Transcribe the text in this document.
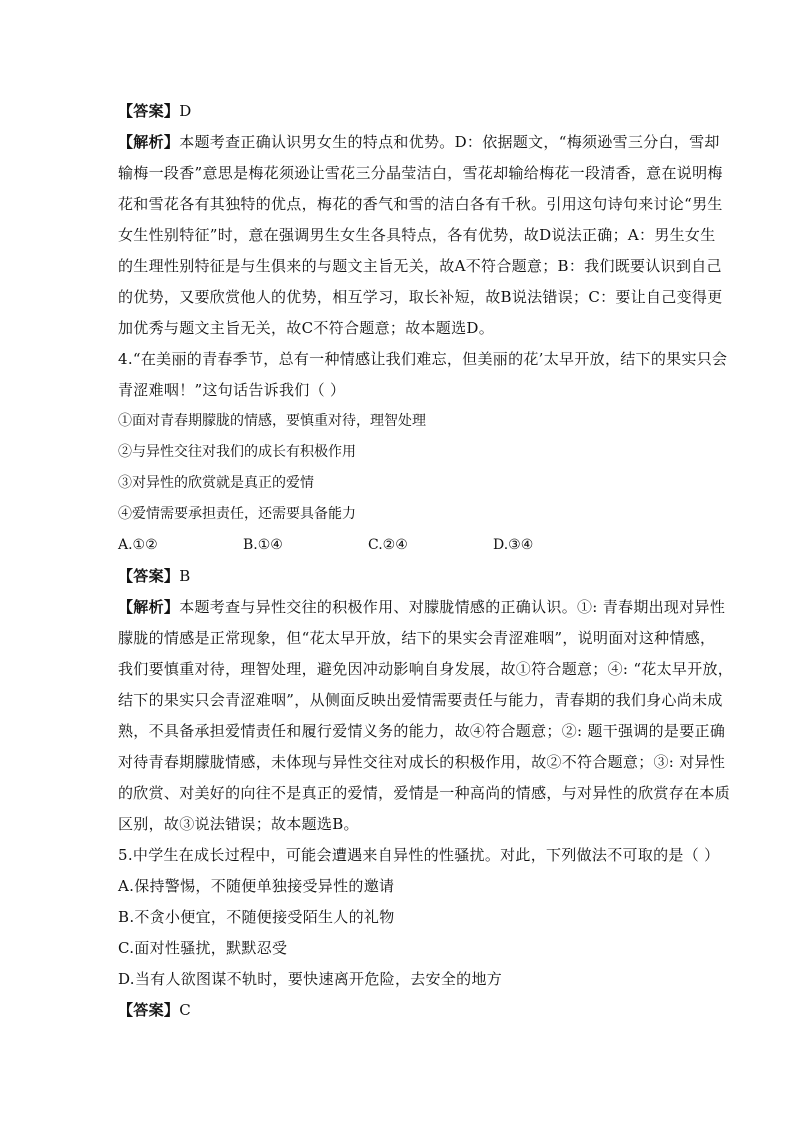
【答案】D
【解析】本题考查正确认识男女生的特点和优势。D：依据题文，“梅须逊雪三分白，雪却
输梅一段香”意思是梅花须逊让雪花三分晶莹洁白，雪花却输给梅花一段清香，意在说明梅
花和雪花各有其独特的优点，梅花的香气和雪的洁白各有千秋。引用这句诗句来讨论“男生
女生性别特征”时，意在强调男生女生各具特点，各有优势，故D说法正确；A：男生女生
的生理性别特征是与生俱来的与题文主旨无关，故A不符合题意；B：我们既要认识到自己
的优势，又要欣赏他人的优势，相互学习，取长补短，故B说法错误；C：要让自己变得更
加优秀与题文主旨无关，故C不符合题意；故本题选D。
4.“在美丽的青春季节，总有一种情感让我们难忘，但美丽的花’太早开放，结下的果实只会
青涩难咽！”这句话告诉我们（ ）
①面对青春期朦胧的情感，要慎重对待，理智处理
②与异性交往对我们的成长有积极作用
③对异性的欣赏就是真正的爱情
④爱情需要承担责任，还需要具备能力
A.①②	B.①④	C.②④	D.③④
【答案】B
【解析】本题考查与异性交往的积极作用、对朦胧情感的正确认识。①: 青春期出现对异性
朦胧的情感是正常现象，但“花太早开放，结下的果实会青涩难咽”，说明面对这种情感，
我们要慎重对待，理智处理，避免因冲动影响自身发展，故①符合题意；④: “花太早开放，
结下的果实只会青涩难咽”，从侧面反映出爱情需要责任与能力，青春期的我们身心尚未成
熟，不具备承担爱情责任和履行爱情义务的能力，故④符合题意；②: 题干强调的是要正确
对待青春期朦胧情感，未体现与异性交往对成长的积极作用，故②不符合题意；③: 对异性
的欣赏、对美好的向往不是真正的爱情，爱情是一种高尚的情感，与对异性的欣赏存在本质
区别，故③说法错误；故本题选B。
5.中学生在成长过程中，可能会遭遇来自异性的性骚扰。对此，下列做法不可取的是（ ）
A.保持警惕，不随便单独接受异性的邀请
B.不贪小便宜，不随便接受陌生人的礼物
C.面对性骚扰，默默忍受
D.当有人欲图谋不轨时，要快速离开危险，去安全的地方
【答案】C
